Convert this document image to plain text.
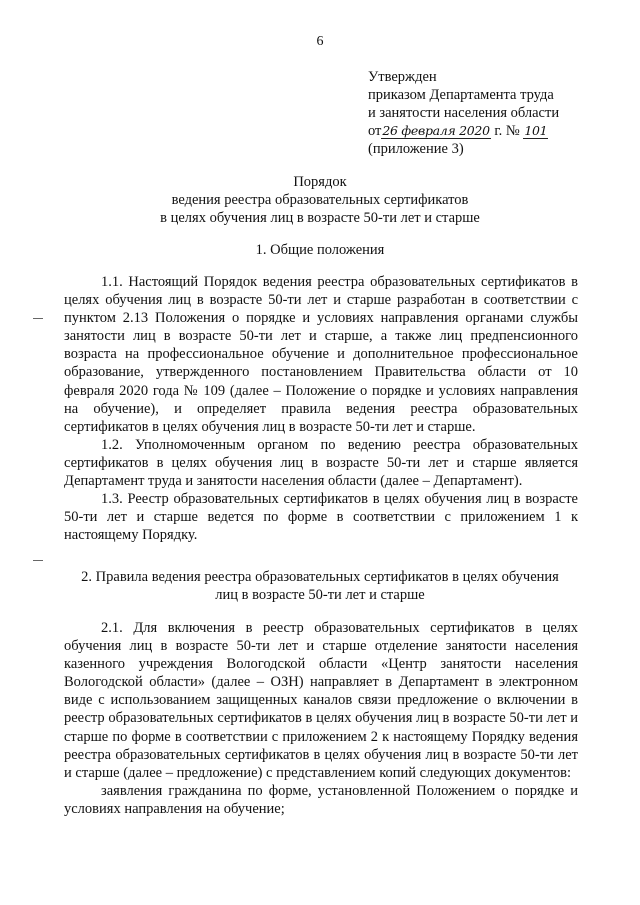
6
Утвержден
приказом Департамента труда
и занятости населения области
от26 февраля 2020 г. № 101
(приложение 3)
Порядок
ведения реестра образовательных сертификатов
в целях обучения лиц в возрасте 50-ти лет и старше
1. Общие положения

1.1. Настоящий Порядок ведения реестра образовательных сертификатов в целях обучения лиц в возрасте 50-ти лет и старше разработан в соответствии с пунктом 2.13 Положения о порядке и условиях направления органами службы занятости лиц в возрасте 50-ти лет и старше, а также лиц предпенсионного возраста на профессиональное обучение и дополнительное профессиональное образование, утвержденного постановлением Правительства области от 10 февраля 2020 года № 109 (далее – Положение о порядке и условиях направления на обучение), и определяет правила ведения реестра образовательных сертификатов в целях обучения лиц в возрасте 50-ти лет и старше.

1.2. Уполномоченным органом по ведению реестра образовательных сертификатов в целях обучения лиц в возрасте 50-ти лет и старше является Департамент труда и занятости населения области (далее – Департамент).

1.3. Реестр образовательных сертификатов в целях обучения лиц в возрасте 50-ти лет и старше ведется по форме в соответствии с приложением 1 к настоящему Порядку.

2. Правила ведения реестра образовательных сертификатов в целях обучения
лиц в возрасте 50-ти лет и старше

2.1. Для включения в реестр образовательных сертификатов в целях обучения лиц в возрасте 50-ти лет и старше отделение занятости населения казенного учреждения Вологодской области «Центр занятости населения Вологодской области» (далее – ОЗН) направляет в Департамент в электронном виде с использованием защищенных каналов связи предложение о включении в реестр образовательных сертификатов в целях обучения лиц в возрасте 50-ти лет и старше по форме в соответствии с приложением 2 к настоящему Порядку ведения реестра образовательных сертификатов в целях обучения лиц в возрасте 50-ти лет и старше (далее – предложение) с представлением копий следующих документов:

заявления гражданина по форме, установленной Положением о порядке и условиях направления на обучение;
